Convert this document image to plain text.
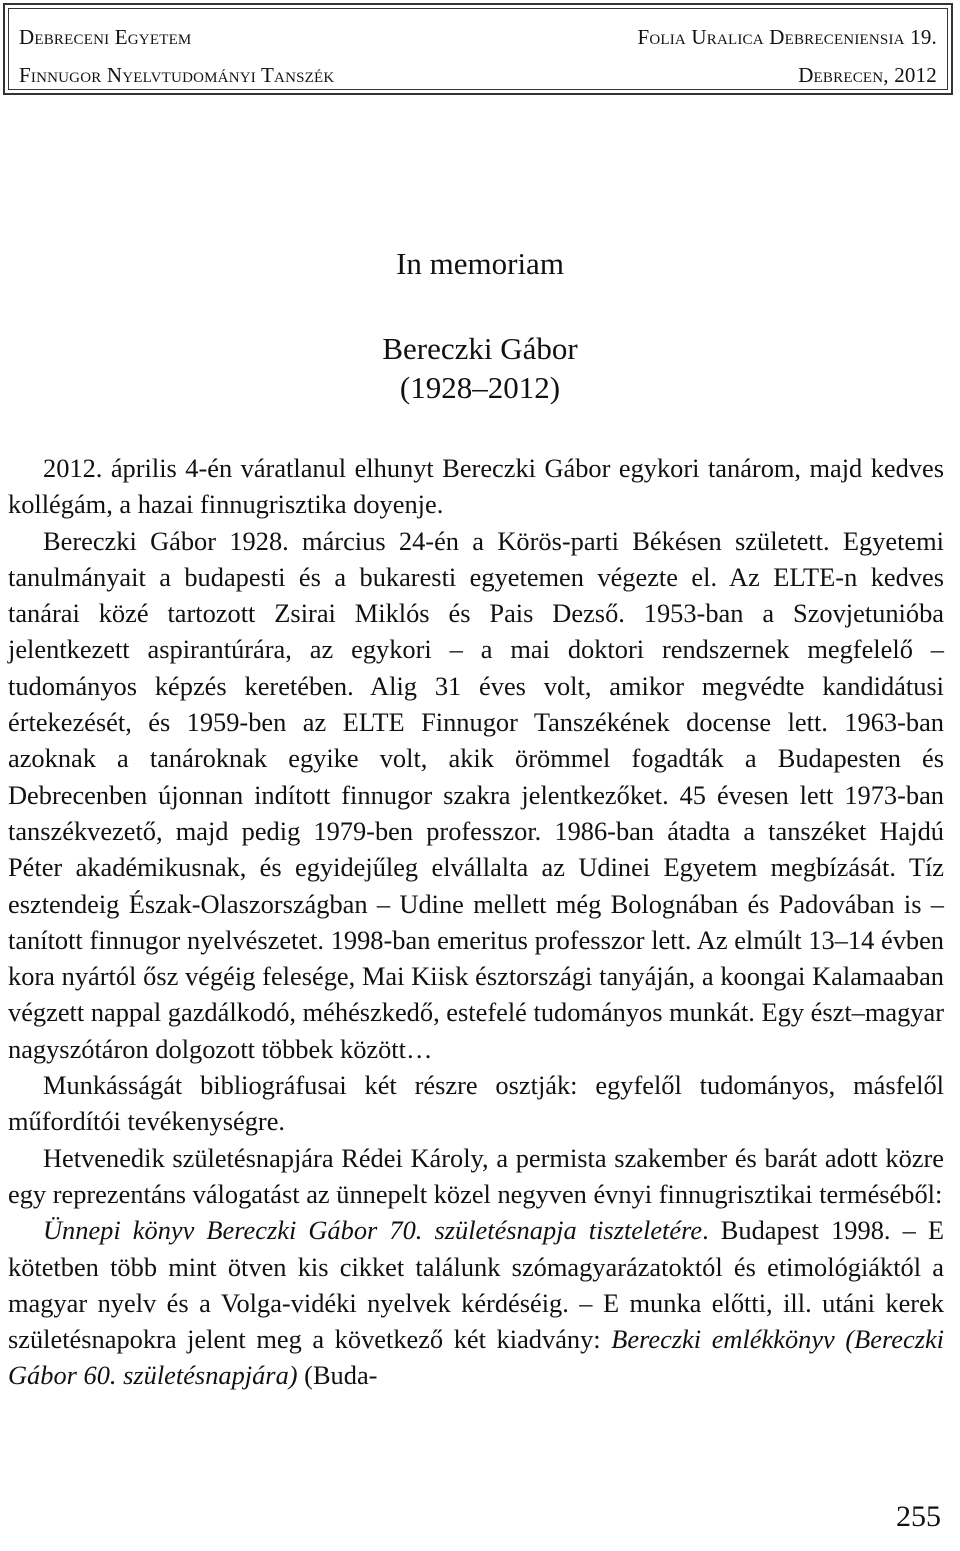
Debreceni Egyetem	Folia Uralica Debreceniensia 19.
Finnugor Nyelvtudományi Tanszék	Debrecen, 2012
In memoriam
Bereczki Gábor
(1928–2012)

2012. április 4-én váratlanul elhunyt Bereczki Gábor egykori tanárom, majd kedves kollégám, a hazai finnugrisztika doyenje.

Bereczki Gábor 1928. március 24-én a Körös-parti Békésen született. Egyetemi tanulmányait a budapesti és a bukaresti egyetemen végezte el. Az ELTE-n kedves tanárai közé tartozott Zsirai Miklós és Pais Dezső. 1953-ban a Szovjetunióba jelentkezett aspirantúrára, az egykori – a mai doktori rendszernek megfelelő – tudományos képzés keretében. Alig 31 éves volt, amikor megvédte kandidátusi értekezését, és 1959-ben az ELTE Finnugor Tanszékének docense lett. 1963-ban azoknak a tanároknak egyike volt, akik örömmel fogadták a Budapesten és Debrecenben újonnan indított finnugor szakra jelentkezőket. 45 évesen lett 1973-ban tanszékvezető, majd pedig 1979-ben professzor. 1986-ban átadta a tanszéket Hajdú Péter akadémikusnak, és egyidejűleg elvállalta az Udinei Egyetem megbízását. Tíz esztendeig Észak-Olaszországban – Udine mellett még Bolognában és Padovában is – tanított finnugor nyelvészetet. 1998-ban emeritus professzor lett. Az elmúlt 13–14 évben kora nyártól ősz végéig felesége, Mai Kiisk észtországi tanyáján, a koongai Kalamaaban végzett nappal gazdálkodó, méhészkedő, estefelé tudományos munkát. Egy észt–magyar nagyszótáron dolgozott többek között…

Munkásságát bibliográfusai két részre osztják: egyfelől tudományos, másfelől műfordítói tevékenységre.

Hetvenedik születésnapjára Rédei Károly, a permista szakember és barát adott közre egy reprezentáns válogatást az ünnepelt közel negyven évnyi finnugrisztikai terméséből:

Ünnepi könyv Bereczki Gábor 70. születésnapja tiszteletére. Budapest 1998. – E kötetben több mint ötven kis cikket találunk szómagyarázatoktól és etimológiáktól a magyar nyelv és a Volga-vidéki nyelvek kérdéséig. – E munka előtti, ill. utáni kerek születésnapokra jelent meg a következő két kiadvány: Bereczki emlékkönyv (Bereczki Gábor 60. születésnapjára) (Buda-

255
